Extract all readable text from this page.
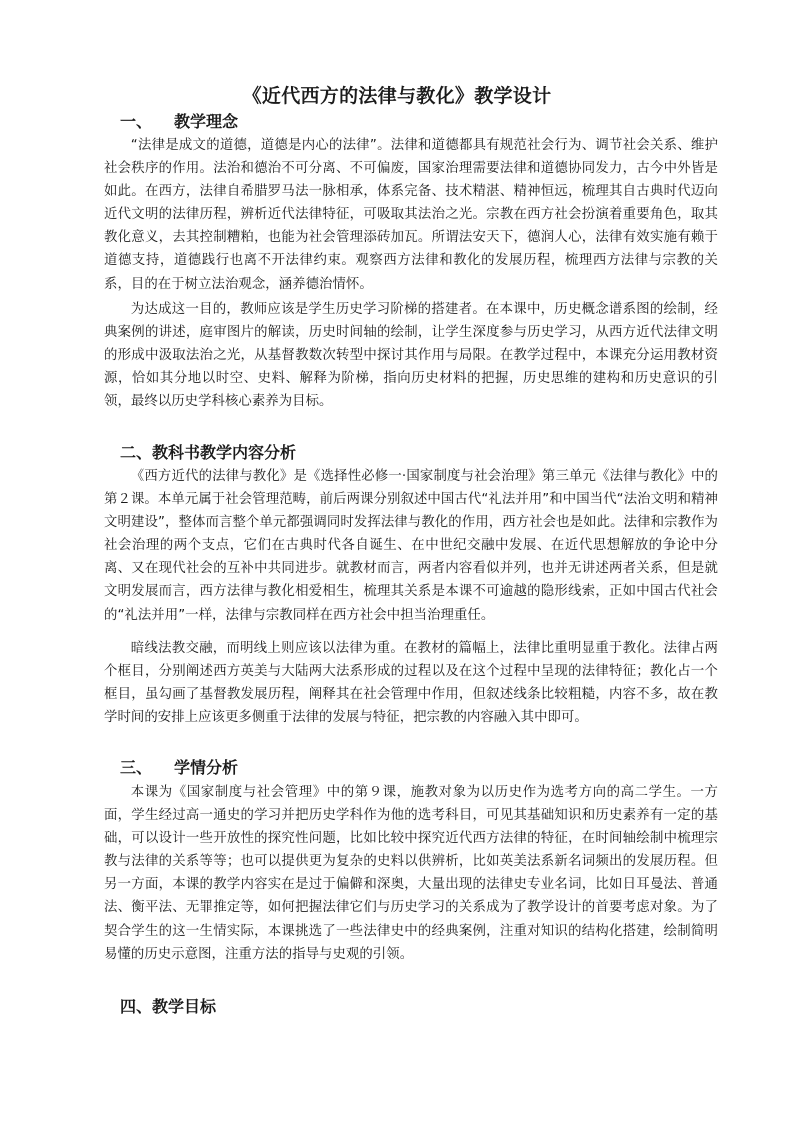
《近代西方的法律与教化》教学设计
一、 教学理念

“法律是成文的道德，道德是内心的法律”。法律和道德都具有规范社会行为、调节社会关系、维护社会秩序的作用。法治和德治不可分离、不可偏废，国家治理需要法律和道德协同发力，古今中外皆是如此。在西方，法律自希腊罗马法一脉相承，体系完备、技术精湛、精神恒远，梳理其自古典时代迈向近代文明的法律历程，辨析近代法律特征，可吸取其法治之光。宗教在西方社会扮演着重要角色，取其教化意义，去其控制糟粕，也能为社会管理添砖加瓦。所谓法安天下，德润人心，法律有效实施有赖于道德支持，道德践行也离不开法律约束。观察西方法律和教化的发展历程，梳理西方法律与宗教的关系，目的在于树立法治观念，涵养德治情怀。

为达成这一目的，教师应该是学生历史学习阶梯的搭建者。在本课中，历史概念谱系图的绘制，经典案例的讲述，庭审图片的解读，历史时间轴的绘制，让学生深度参与历史学习，从西方近代法律文明的形成中汲取法治之光，从基督教数次转型中探讨其作用与局限。在教学过程中，本课充分运用教材资源，恰如其分地以时空、史料、解释为阶梯，指向历史材料的把握，历史思维的建构和历史意识的引领，最终以历史学科核心素养为目标。

二、教科书教学内容分析

《西方近代的法律与教化》是《选择性必修一·国家制度与社会治理》第三单元《法律与教化》中的第２课。本单元属于社会管理范畴，前后两课分别叙述中国古代“礼法并用”和中国当代“法治文明和精神文明建设”，整体而言整个单元都强调同时发挥法律与教化的作用，西方社会也是如此。法律和宗教作为社会治理的两个支点，它们在古典时代各自诞生、在中世纪交融中发展、在近代思想解放的争论中分离、又在现代社会的互补中共同进步。就教材而言，两者内容看似并列，也并无讲述两者关系，但是就文明发展而言，西方法律与教化相爱相生，梳理其关系是本课不可逾越的隐形线索，正如中国古代社会的“礼法并用”一样，法律与宗教同样在西方社会中担当治理重任。

暗线法教交融，而明线上则应该以法律为重。在教材的篇幅上，法律比重明显重于教化。法律占两个框目，分别阐述西方英美与大陆两大法系形成的过程以及在这个过程中呈现的法律特征；教化占一个框目，虽勾画了基督教发展历程，阐释其在社会管理中作用，但叙述线条比较粗糙，内容不多，故在教学时间的安排上应该更多侧重于法律的发展与特征，把宗教的内容融入其中即可。

三、 学情分析

本课为《国家制度与社会管理》中的第９课，施教对象为以历史作为选考方向的高二学生。一方面，学生经过高一通史的学习并把历史学科作为他的选考科目，可见其基础知识和历史素养有一定的基础，可以设计一些开放性的探究性问题，比如比较中探究近代西方法律的特征，在时间轴绘制中梳理宗教与法律的关系等等；也可以提供更为复杂的史料以供辨析，比如英美法系新名词频出的发展历程。但另一方面，本课的教学内容实在是过于偏僻和深奥，大量出现的法律史专业名词，比如日耳曼法、普通法、衡平法、无罪推定等，如何把握法律它们与历史学习的关系成为了教学设计的首要考虑对象。为了契合学生的这一生情实际，本课挑选了一些法律史中的经典案例，注重对知识的结构化搭建，绘制简明易懂的历史示意图，注重方法的指导与史观的引领。

四、教学目标
